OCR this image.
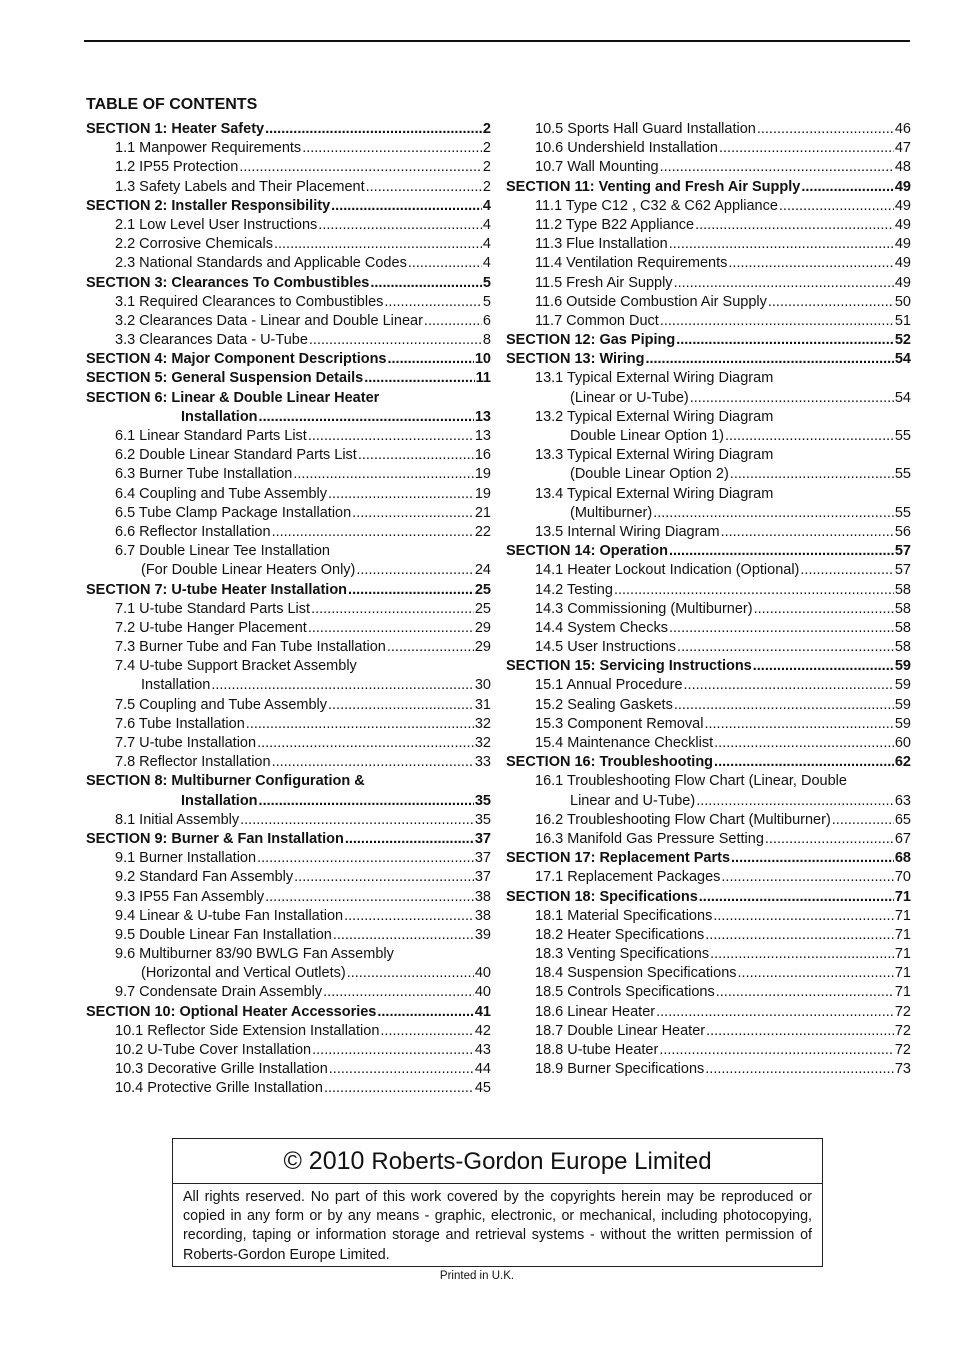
TABLE OF CONTENTS
SECTION 1: Heater Safety .....	2
1.1 Manpower Requirements .....	2
1.2 IP55 Protection .....	2
1.3 Safety Labels and Their Placement .....	2
SECTION 2: Installer Responsibility .....	4
2.1 Low Level User Instructions .....	4
2.2 Corrosive Chemicals .....	4
2.3 National Standards and Applicable Codes .....	4
SECTION 3: Clearances To Combustibles .....	5
3.1 Required Clearances to Combustibles .....	5
3.2 Clearances Data - Linear and Double Linear .....	6
3.3 Clearances Data - U-Tube .....	8
SECTION 4: Major Component Descriptions .....	10
SECTION 5: General Suspension Details .....	11
SECTION 6: Linear & Double Linear Heater
Installation .....	13
6.1 Linear Standard Parts List .....	13
6.2 Double Linear Standard Parts List .....	16
6.3 Burner Tube Installation .....	19
6.4 Coupling and Tube Assembly .....	19
6.5 Tube Clamp Package Installation .....	21
6.6 Reflector Installation .....	22
6.7 Double Linear Tee Installation
(For Double Linear Heaters Only) .....	24
SECTION 7: U-tube Heater Installation .....	25
7.1 U-tube Standard Parts List .....	25
7.2 U-tube Hanger Placement .....	29
7.3 Burner Tube and Fan Tube Installation .....	29
7.4 U-tube Support Bracket Assembly
Installation .....	30
7.5 Coupling and Tube Assembly .....	31
7.6 Tube Installation .....	32
7.7 U-tube Installation .....	32
7.8 Reflector Installation .....	33
SECTION 8: Multiburner Configuration &
Installation .....	35
8.1 Initial Assembly .....	35
SECTION 9: Burner & Fan Installation .....	37
9.1 Burner Installation .....	37
9.2 Standard Fan Assembly .....	37
9.3 IP55 Fan Assembly .....	38
9.4 Linear & U-tube Fan Installation .....	38
9.5 Double Linear Fan Installation .....	39
9.6 Multiburner 83/90 BWLG Fan Assembly
(Horizontal and Vertical Outlets) .....	40
9.7 Condensate Drain Assembly .....	40
SECTION 10: Optional Heater Accessories .....	41
10.1 Reflector Side Extension Installation .....	42
10.2 U-Tube Cover Installation .....	43
10.3 Decorative Grille Installation .....	44
10.4 Protective Grille Installation .....	45
10.5 Sports Hall Guard Installation .....	46
10.6 Undershield Installation .....	47
10.7 Wall Mounting .....	48
SECTION 11: Venting and Fresh Air Supply .....	49
11.1 Type C12 , C32 & C62 Appliance .....	49
11.2 Type B22 Appliance .....	49
11.3 Flue Installation .....	49
11.4 Ventilation Requirements .....	49
11.5 Fresh Air Supply .....	49
11.6 Outside Combustion Air Supply .....	50
11.7 Common Duct .....	51
SECTION 12: Gas Piping .....	52
SECTION 13: Wiring .....	54
13.1 Typical External Wiring Diagram
(Linear or U-Tube) .....	54
13.2 Typical External Wiring Diagram
Double Linear Option 1) .....	55
13.3 Typical External Wiring Diagram
(Double Linear Option 2) .....	55
13.4 Typical External Wiring Diagram
(Multiburner) .....	55
13.5 Internal Wiring Diagram .....	56
SECTION 14: Operation .....	57
14.1 Heater Lockout Indication (Optional) .....	57
14.2 Testing .....	58
14.3 Commissioning (Multiburner) .....	58
14.4 System Checks .....	58
14.5 User Instructions .....	58
SECTION 15: Servicing Instructions .....	59
15.1 Annual Procedure .....	59
15.2 Sealing Gaskets .....	59
15.3 Component Removal .....	59
15.4 Maintenance Checklist .....	60
SECTION 16: Troubleshooting .....	62
16.1 Troubleshooting Flow Chart (Linear, Double
Linear and U-Tube) .....	63
16.2 Troubleshooting Flow Chart (Multiburner) .....	65
16.3 Manifold Gas Pressure Setting .....	67
SECTION 17: Replacement Parts .....	68
17.1 Replacement Packages .....	70
SECTION 18: Specifications .....	71
18.1 Material Specifications .....	71
18.2 Heater Specifications .....	71
18.3 Venting Specifications .....	71
18.4 Suspension Specifications .....	71
18.5 Controls Specifications .....	71
18.6 Linear Heater .....	72
18.7 Double Linear Heater .....	72
18.8 U-tube Heater .....	72
18.9 Burner Specifications .....	73
© 2010 Roberts-Gordon Europe Limited
All rights reserved. No part of this work covered by the copyrights herein may be reproduced or copied in any form or by any means - graphic, electronic, or mechanical, including photocopying, recording, taping or information storage and retrieval systems - without the written permission of Roberts-Gordon Europe Limited.
Printed in U.K.
